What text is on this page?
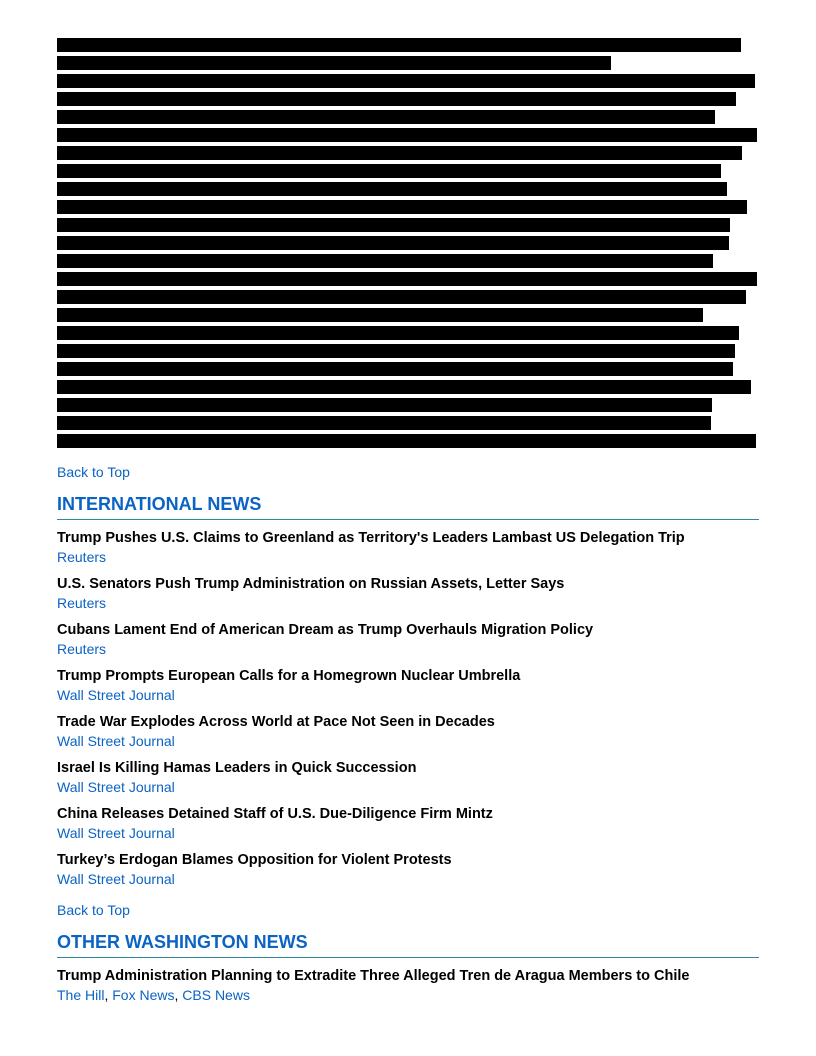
Back to Top
INTERNATIONAL NEWS

Trump Pushes U.S. Claims to Greenland as Territory's Leaders Lambast US Delegation Trip

Reuters

U.S. Senators Push Trump Administration on Russian Assets, Letter Says

Reuters

Cubans Lament End of American Dream as Trump Overhauls Migration Policy

Reuters

Trump Prompts European Calls for a Homegrown Nuclear Umbrella

Wall Street Journal

Trade War Explodes Across World at Pace Not Seen in Decades

Wall Street Journal

Israel Is Killing Hamas Leaders in Quick Succession

Wall Street Journal

China Releases Detained Staff of U.S. Due-Diligence Firm Mintz

Wall Street Journal

Turkey’s Erdogan Blames Opposition for Violent Protests

Wall Street Journal
Back to Top
OTHER WASHINGTON NEWS

Trump Administration Planning to Extradite Three Alleged Tren de Aragua Members to Chile

The Hill, Fox News, CBS News
